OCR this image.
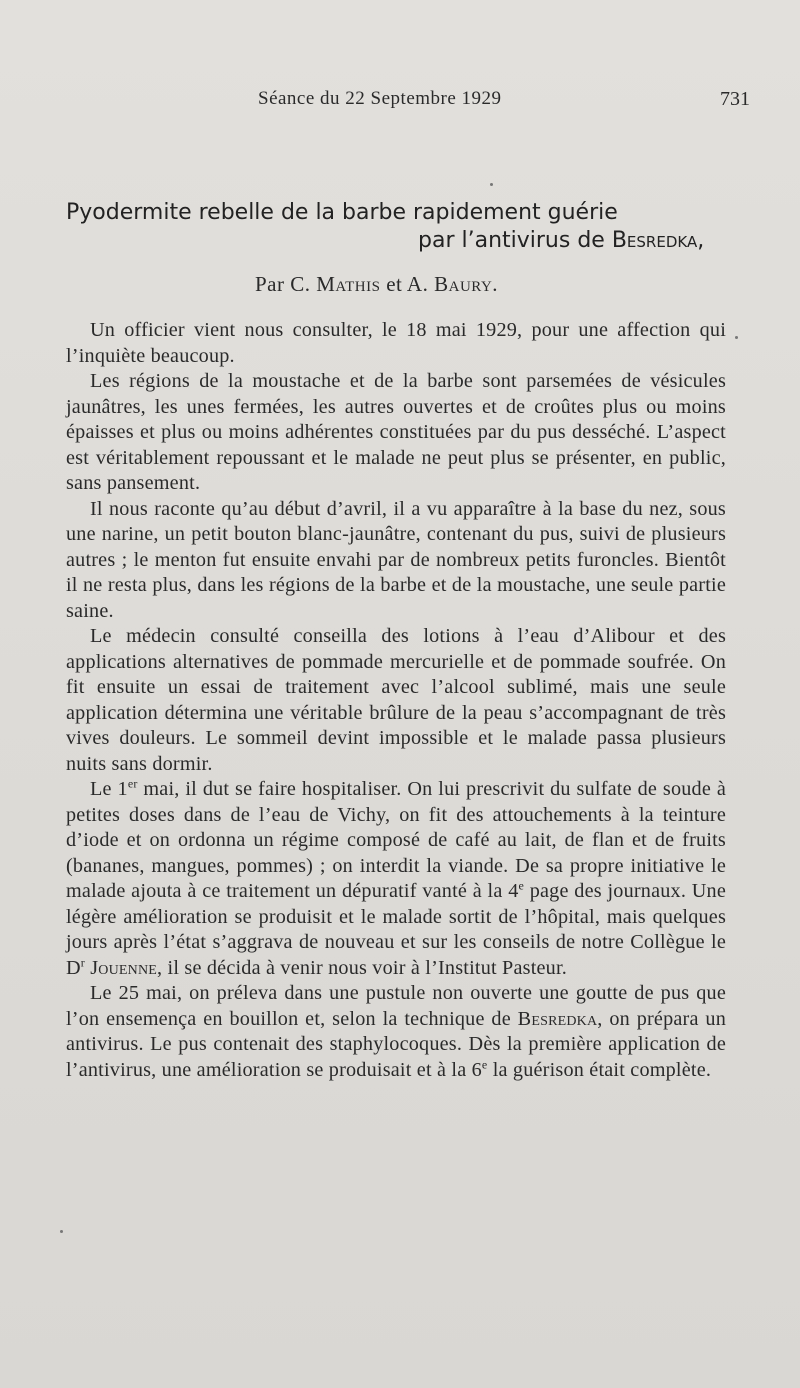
Séance du 22 Septembre 1929	731
Pyodermite rebelle de la barbe rapidement guérie
par l’antivirus de Besredka,
Par C. Mathis et A. Baury.

Un officier vient nous consulter, le 18 mai 1929, pour une affection qui l’inquiète beaucoup.

Les régions de la moustache et de la barbe sont parsemées de vésicules jaunâtres, les unes fermées, les autres ouvertes et de croûtes plus ou moins épaisses et plus ou moins adhérentes constituées par du pus desséché. L’aspect est véritablement repoussant et le malade ne peut plus se présenter, en public, sans pansement.

Il nous raconte qu’au début d’avril, il a vu apparaître à la base du nez, sous une narine, un petit bouton blanc-jaunâtre, contenant du pus, suivi de plusieurs autres ; le menton fut ensuite envahi par de nombreux petits furoncles. Bientôt il ne resta plus, dans les régions de la barbe et de la moustache, une seule partie saine.

Le médecin consulté conseilla des lotions à l’eau d’Alibour et des applications alternatives de pommade mercurielle et de pommade soufrée. On fit ensuite un essai de traitement avec l’alcool sublimé, mais une seule application détermina une véritable brûlure de la peau s’accompagnant de très vives douleurs. Le sommeil devint impossible et le malade passa plusieurs nuits sans dormir.

Le 1er mai, il dut se faire hospitaliser. On lui prescrivit du sulfate de soude à petites doses dans de l’eau de Vichy, on fit des attouchements à la teinture d’iode et on ordonna un régime composé de café au lait, de flan et de fruits (bananes, mangues, pommes) ; on interdit la viande. De sa propre initiative le malade ajouta à ce traitement un dépuratif vanté à la 4e page des journaux. Une légère amélioration se produisit et le malade sortit de l’hôpital, mais quelques jours après l’état s’aggrava de nouveau et sur les conseils de notre Collègue le $D^r$ Jouenne, il se décida à venir nous voir à l’Institut Pasteur.

Le 25 mai, on préleva dans une pustule non ouverte une goutte de pus que l’on ensemença en bouillon et, selon la technique de Besredka, on prépara un antivirus. Le pus contenait des staphylocoques. Dès la première application de l’antivirus, une amélioration se produisait et à la 6e la guérison était complète.
